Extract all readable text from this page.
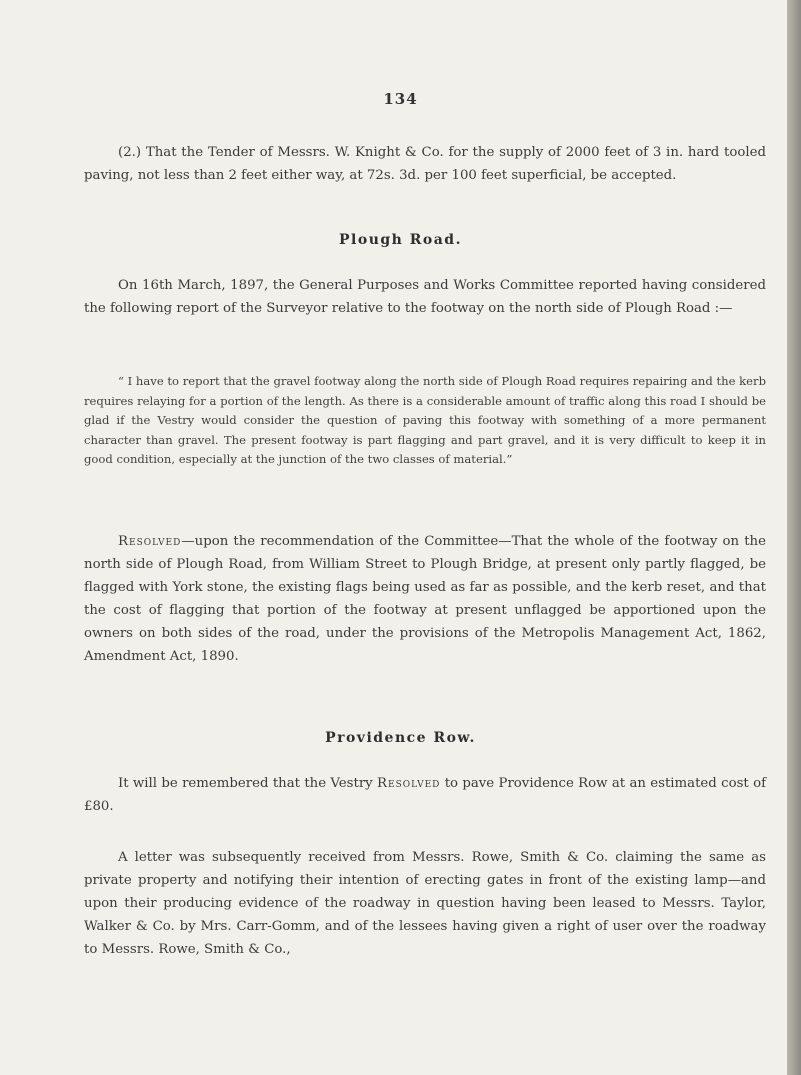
134

(2.) That the Tender of Messrs. W. Knight & Co. for the supply of 2000 feet of 3 in. hard tooled paving, not less than 2 feet either way, at 72s. 3d. per 100 feet superficial, be accepted.

Plough Road.

On 16th March, 1897, the General Purposes and Works Committee reported having considered the following report of the Surveyor relative to the footway on the north side of Plough Road :—

“ I have to report that the gravel footway along the north side of Plough Road requires repairing and the kerb requires relaying for a portion of the length. As there is a considerable amount of traffic along this road I should be glad if the Vestry would consider the question of paving this footway with something of a more permanent character than gravel. The present footway is part flagging and part gravel, and it is very difficult to keep it in good condition, especially at the junction of the two classes of material.”

Resolved—upon the recommendation of the Committee—That the whole of the footway on the north side of Plough Road, from William Street to Plough Bridge, at present only partly flagged, be flagged with York stone, the existing flags being used as far as possible, and the kerb reset, and that the cost of flagging that portion of the footway at present unflagged be apportioned upon the owners on both sides of the road, under the provisions of the Metropolis Management Act, 1862, Amendment Act, 1890.

Providence Row.

It will be remembered that the Vestry Resolved to pave Providence Row at an estimated cost of £80.

A letter was subsequently received from Messrs. Rowe, Smith & Co. claiming the same as private property and notifying their intention of erecting gates in front of the existing lamp—and upon their producing evidence of the roadway in question having been leased to Messrs. Taylor, Walker & Co. by Mrs. Carr-Gomm, and of the lessees having given a right of user over the roadway to Messrs. Rowe, Smith & Co.,
